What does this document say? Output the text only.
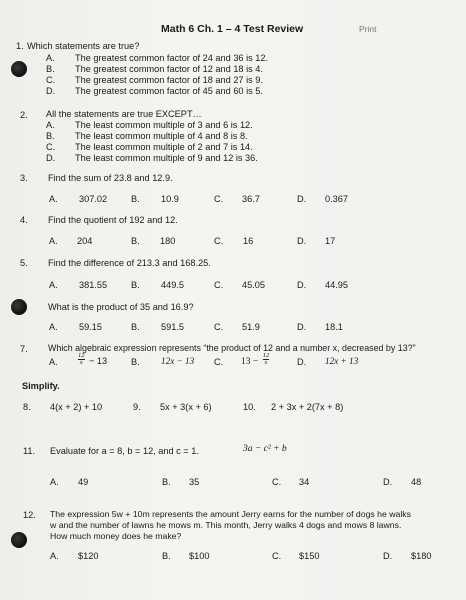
Math 6 Ch. 1 – 4 Test Review	Print
1. Which statements are true?
A. The greatest common factor of 24 and 36 is 12.
B. The greatest common factor of 12 and 18 is 4.
C. The greatest common factor of 18 and 27 is 9.
D. The greatest common factor of 45 and 60 is 5.
2. All the statements are true EXCEPT…
A. The least common multiple of 3 and 6 is 12.
B. The least common multiple of 4 and 8 is 8.
C. The least common multiple of 2 and 7 is 14.
D. The least common multiple of 9 and 12 is 36.
3. Find the sum of 23.8 and 12.9.
A. 307.02	B. 10.9	C. 36.7	D. 0.367
4. Find the quotient of 192 and 12.
A. 204	B. 180	C. 16	D. 17
5. Find the difference of 213.3 and 168.25.
A. 381.55	B. 449.5	C. 45.05	D. 44.95
What is the product of 35 and 16.9?
A. 59.15	B. 591.5	C. 51.9	D. 18.1
7. Which algebraic expression represents “the product of 12 and a number x, decreased by 13?”
A.	$\frac{12}{x} - 13$	B. 12x − 13 C. $13 - \frac{12}{x}$	D. 12x + 13
Simplify.
8. 4(x + 2) + 10	9. 5x + 3(x + 6)	10. 2 + 3x + 2(7x + 8)
11. Evaluate for a = 8, b = 12, and c = 1.	3a − c² + b
A. 49	B. 35	C. 34	D. 48
12. The expression 5w + 10m represents the amount Jerry earns for the number of dogs he walks
w and the number of lawns he mows m. This month, Jerry walks 4 dogs and mows 8 lawns.
How much money does he make?
A. $120	B. $100	C. $150	D. $180
